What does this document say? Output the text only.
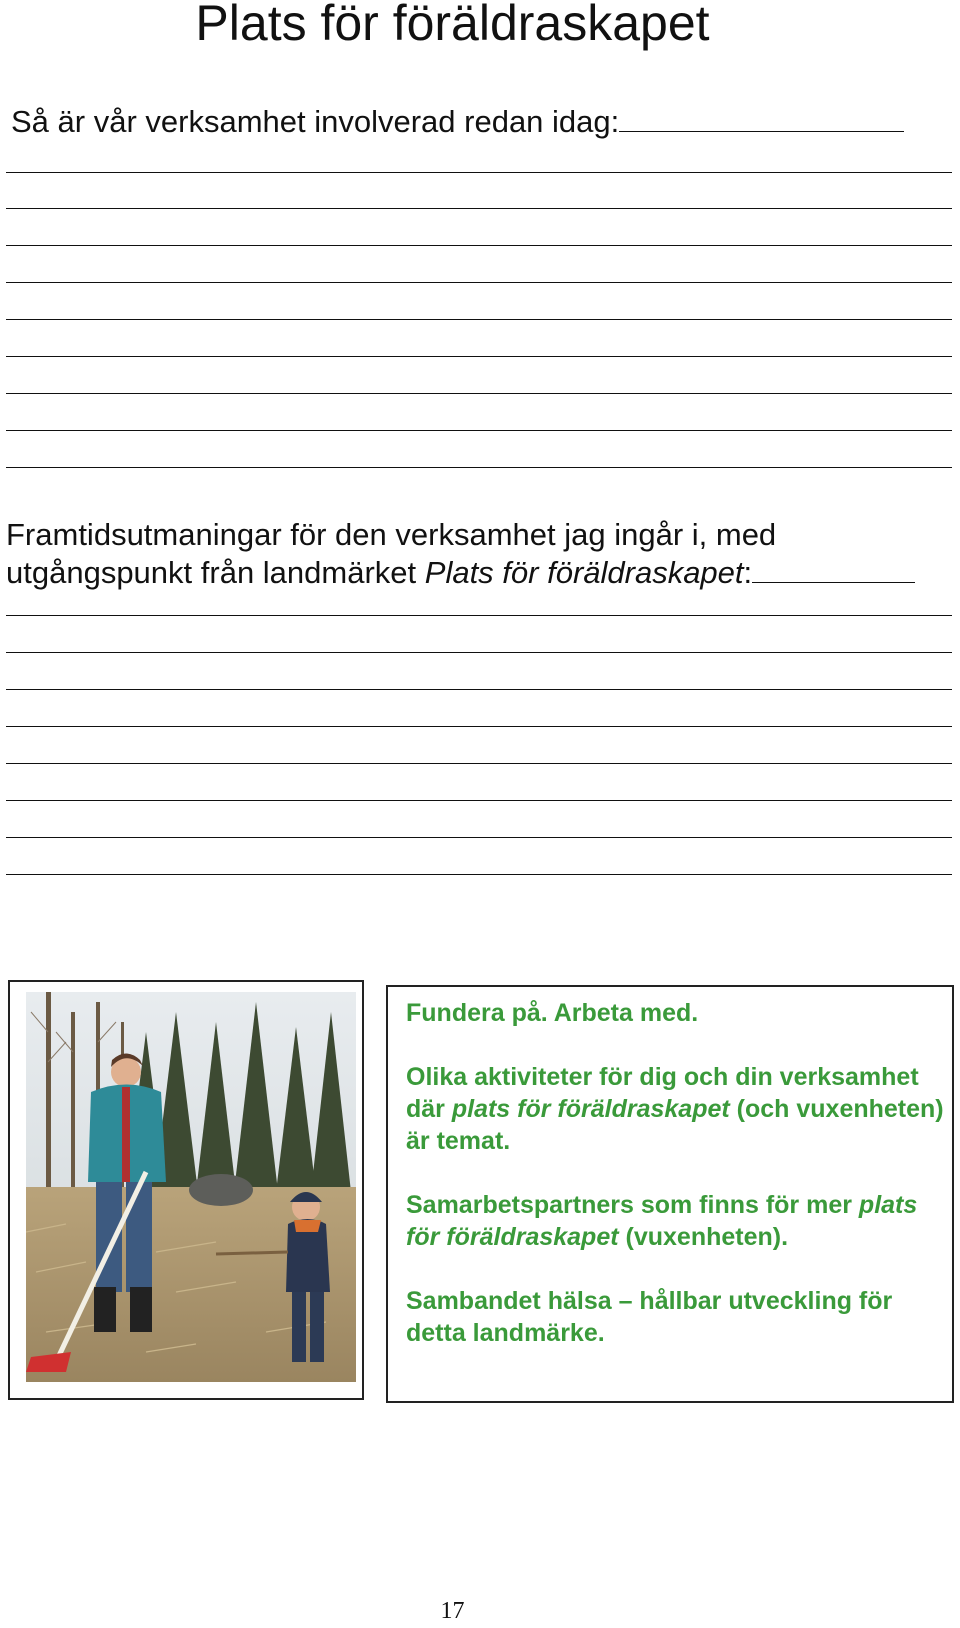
Plats för föräldraskapet
Så är vår verksamhet involverad redan idag:
Framtidsutmaningar för den verksamhet jag ingår i, med
utgångspunkt från landmärket Plats för föräldraskapet:

Fundera på. Arbeta med.

Olika aktiviteter för dig och din verksamhet där plats för föräldraskapet (och vuxenheten) är temat.

Samarbetspartners som finns för mer plats för föräldraskapet (vuxenheten).

Sambandet hälsa – hållbar utveckling för detta landmärke.

17
